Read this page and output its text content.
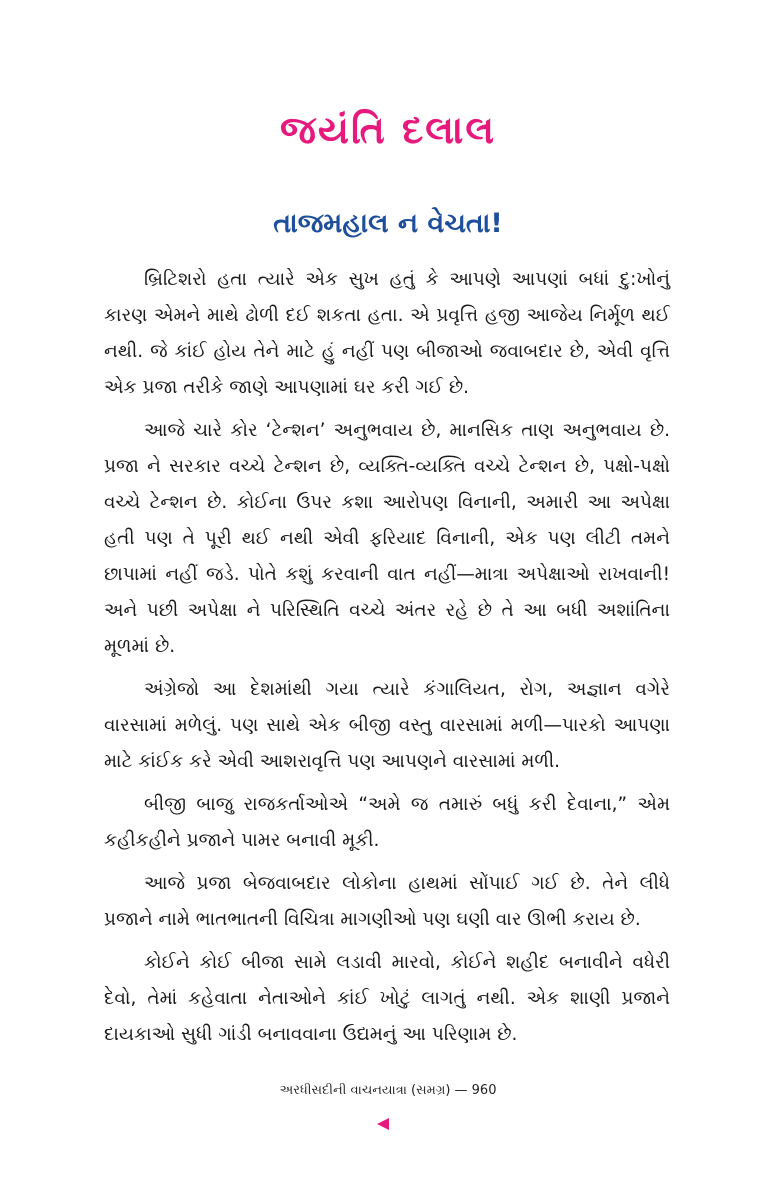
જયંતિ દલાલ
તાજમહાલ ન વેચતા!

બ્રિટિશરો હતા ત્યારે એક સુખ હતું કે આપણે આપણાં બધાં દુ:ખોનું કારણ એમને માથે ઢોળી દઈ શકતા હતા. એ પ્રવૃત્તિ હજી આજેય નિર્મૂળ થઈ નથી. જે કાંઈ હોય તેને માટે હું નહીં પણ બીજાઓ જવાબદાર છે, એવી વૃત્તિ એક પ્રજા તરીકે જાણે આપણામાં ઘર કરી ગઈ છે.

આજે ચારે કોર ‘ટેન્શન’ અનુભવાય છે, માનસિક તાણ અનુભવાય છે. પ્રજા ને સરકાર વચ્ચે ટેન્શન છે, વ્યક્તિ-વ્યક્તિ વચ્ચે ટેન્શન છે, પક્ષો-પક્ષો વચ્ચે ટેન્શન છે. કોઈના ઉપર કશા આરોપણ વિનાની, અમારી આ અપેક્ષા હતી પણ તે પૂરી થઈ નથી એવી ફરિયાદ વિનાની, એક પણ લીટી તમને છાપામાં નહીં જડે. પોતે કશું કરવાની વાત નહીં—માત્રા અપેક્ષાઓ રાખવાની! અને પછી અપેક્ષા ને પરિસ્થિતિ વચ્ચે અંતર રહે છે તે આ બધી અશાંતિના મૂળમાં છે.

અંગ્રેજો આ દેશમાંથી ગયા ત્યારે કંગાલિયત, રોગ, અજ્ઞાન વગેરે વારસામાં મળેલું. પણ સાથે એક બીજી વસ્તુ વારસામાં મળી—પારકો આપણા માટે કાંઈક કરે એવી આશરાવૃત્તિ પણ આપણને વારસામાં મળી.

બીજી બાજુ રાજકર્તાઓએ “અમે જ તમારું બધું કરી દેવાના,” એમ કહીકહીને પ્રજાને પામર બનાવી મૂકી.

આજે પ્રજા બેજવાબદાર લોકોના હાથમાં સોંપાઈ ગઈ છે. તેને લીધે પ્રજાને નામે ભાતભાતની વિચિત્રા માગણીઓ પણ ઘણી વાર ઊભી કરાય છે.

કોઈને કોઈ બીજા સામે લડાવી મારવો, કોઈને શહીદ બનાવીને વધેરી દેવો, તેમાં કહેવાતા નેતાઓને કાંઈ ખોટું લાગતું નથી. એક શાણી પ્રજાને દાયકાઓ સુધી ગાંડી બનાવવાના ઉદ્યમનું આ પરિણામ છે.

અરધીસદીની વાચનયાત્રા (સમગ્ર) — 960
